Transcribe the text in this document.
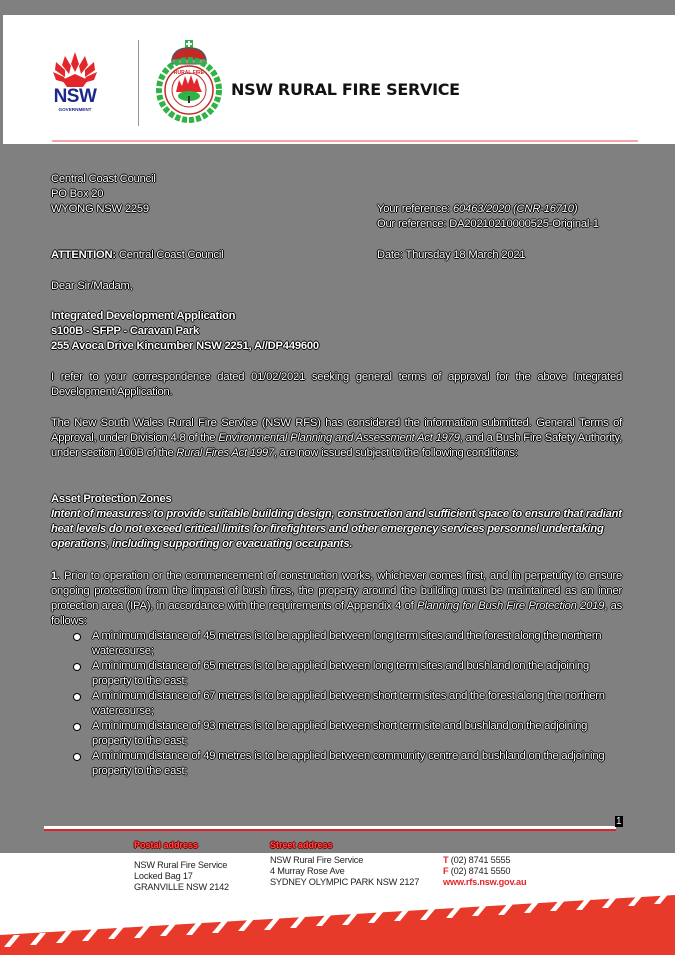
NSW
GOVERNMENT
RURAL FIRE
NSW RURAL FIRE SERVICE
Central Coast Council
PO Box 20
WYONG NSW 2259	Your reference: 60463/2020 (CNR-16710)
Our reference: DA20210210000525-Original-1
ATTENTION: Central Coast Council	Date: Thursday 18 March 2021
Dear Sir/Madam,
Integrated Development Application
s100B - SFPP - Caravan Park
255 Avoca Drive Kincumber NSW 2251, A//DP449600

I refer to your correspondence dated 01/02/2021 seeking general terms of approval for the above Integrated Development Application.

The New South Wales Rural Fire Service (NSW RFS) has considered the information submitted. General Terms of Approval, under Division 4.8 of the Environmental Planning and Assessment Act 1979, and a Bush Fire Safety Authority, under section 100B of the Rural Fires Act 1997, are now issued subject to the following conditions:

Asset Protection Zones

Intent of measures: to provide suitable building design, construction and sufficient space to ensure that radiant heat levels do not exceed critical limits for firefighters and other emergency services personnel undertaking operations, including supporting or evacuating occupants.

1. Prior to operation or the commencement of construction works, whichever comes first, and in perpetuity to ensure ongoing protection from the impact of bush fires, the property around the building must be maintained as an inner protection area (IPA), in accordance with the requirements of Appendix 4 of Planning for Bush Fire Protection 2019, as follows:

A minimum distance of 45 metres is to be applied between long term sites and the forest along the northern watercourse;
A minimum distance of 65 metres is to be applied between long term sites and bushland on the adjoining property to the east;
A minimum distance of 67 metres is to be applied between short term sites and the forest along the northern watercourse;
A minimum distance of 93 metres is to be applied between short term site and bushland on the adjoining property to the east;
A minimum distance of 49 metres is to be applied between community centre and bushland on the adjoining property to the east;
1
Postal address	Street address
NSW Rural Fire Service
Locked Bag 17
GRANVILLE NSW 2142
NSW Rural Fire Service
4 Murray Rose Ave
SYDNEY OLYMPIC PARK NSW 2127
T (02) 8741 5555
F (02) 8741 5550
www.rfs.nsw.gov.au
